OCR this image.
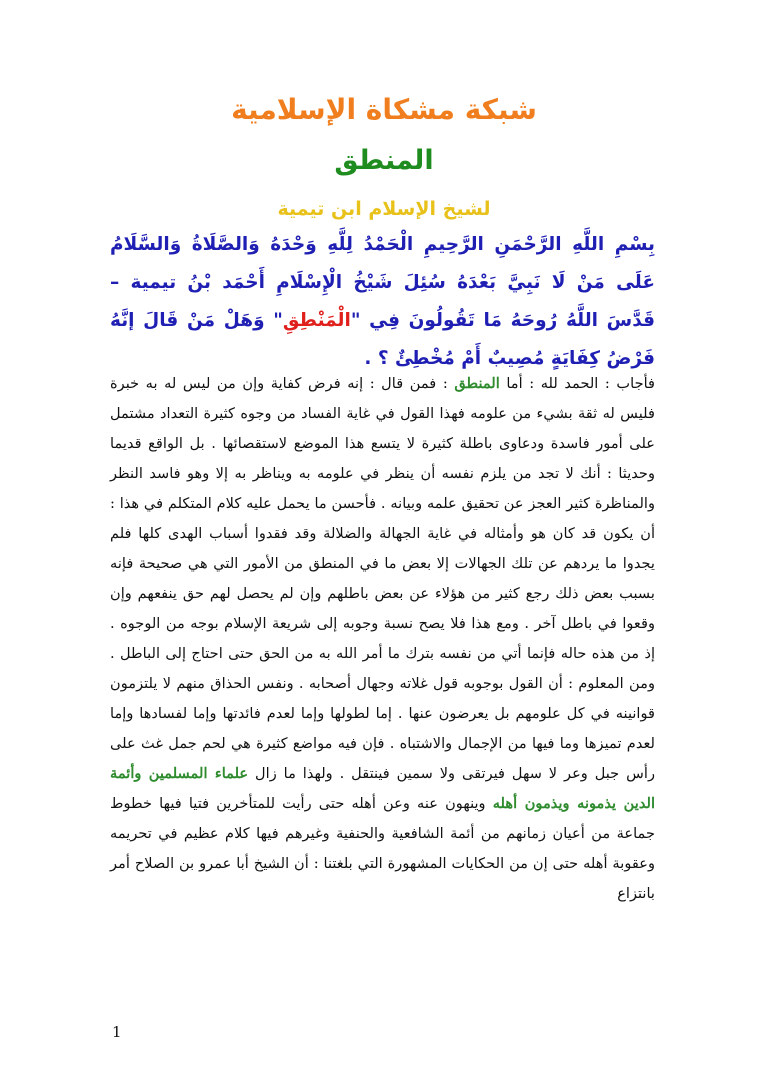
شبكة مشكاة الإسلامية
المنطق
لشيخ الإسلام ابن تيمية
بِسْمِ اللَّهِ الرَّحْمَنِ الرَّحِيمِ الْحَمْدُ لِلَّهِ وَحْدَهُ وَالصَّلَاةُ وَالسَّلَامُ عَلَى مَنْ لَا نَبِيَّ بَعْدَهُ سُئِلَ شَيْخُ الْإِسْلَامِ أَحْمَد بْنُ تيمية – قَدَّسَ اللَّهُ رُوحَهُ مَا تَقُولُونَ فِي "الْمَنْطِقِ" وَهَلْ مَنْ قَالَ إنَّهُ فَرْضُ كِفَايَةٍ مُصِيبٌ أَمْ مُخْطِئٌ ؟ .
فأجاب : الحمد لله : أما المنطق : فمن قال : إنه فرض كفاية وإن من ليس له به خبرة فليس له ثقة بشيء من علومه فهذا القول في غاية الفساد من وجوه كثيرة التعداد مشتمل على أمور فاسدة ودعاوى باطلة كثيرة لا يتسع هذا الموضع لاستقصائها . بل الواقع قديما وحديثا : أنك لا تجد من يلزم نفسه أن ينظر في علومه به ويناظر به إلا وهو فاسد النظر والمناظرة كثير العجز عن تحقيق علمه وبيانه . فأحسن ما يحمل عليه كلام المتكلم في هذا : أن يكون قد كان هو وأمثاله في غاية الجهالة والضلالة وقد فقدوا أسباب الهدى كلها فلم يجدوا ما يردهم عن تلك الجهالات إلا بعض ما في المنطق من الأمور التي هي صحيحة فإنه بسبب بعض ذلك رجع كثير من هؤلاء عن بعض باطلهم وإن لم يحصل لهم حق ينفعهم وإن وقعوا في باطل آخر . ومع هذا فلا يصح نسبة وجوبه إلى شريعة الإسلام بوجه من الوجوه . إذ من هذه حاله فإنما أتي من نفسه بترك ما أمر الله به من الحق حتى احتاج إلى الباطل . ومن المعلوم : أن القول بوجوبه قول غلاته وجهال أصحابه . ونفس الحذاق منهم لا يلتزمون قوانينه في كل علومهم بل يعرضون عنها . إما لطولها وإما لعدم فائدتها وإما لفسادها وإما لعدم تميزها وما فيها من الإجمال والاشتباه . فإن فيه مواضع كثيرة هي لحم جمل غث على رأس جبل وعر لا سهل فيرتقى ولا سمين فينتقل . ولهذا ما زال علماء المسلمين وأئمة الدين يذمونه ويذمون أهله وينهون عنه وعن أهله حتى رأيت للمتأخرين فتيا فيها خطوط جماعة من أعيان زمانهم من أئمة الشافعية والحنفية وغيرهم فيها كلام عظيم في تحريمه وعقوبة أهله حتى إن من الحكايات المشهورة التي بلغتنا : أن الشيخ أبا عمرو بن الصلاح أمر بانتزاع
1
